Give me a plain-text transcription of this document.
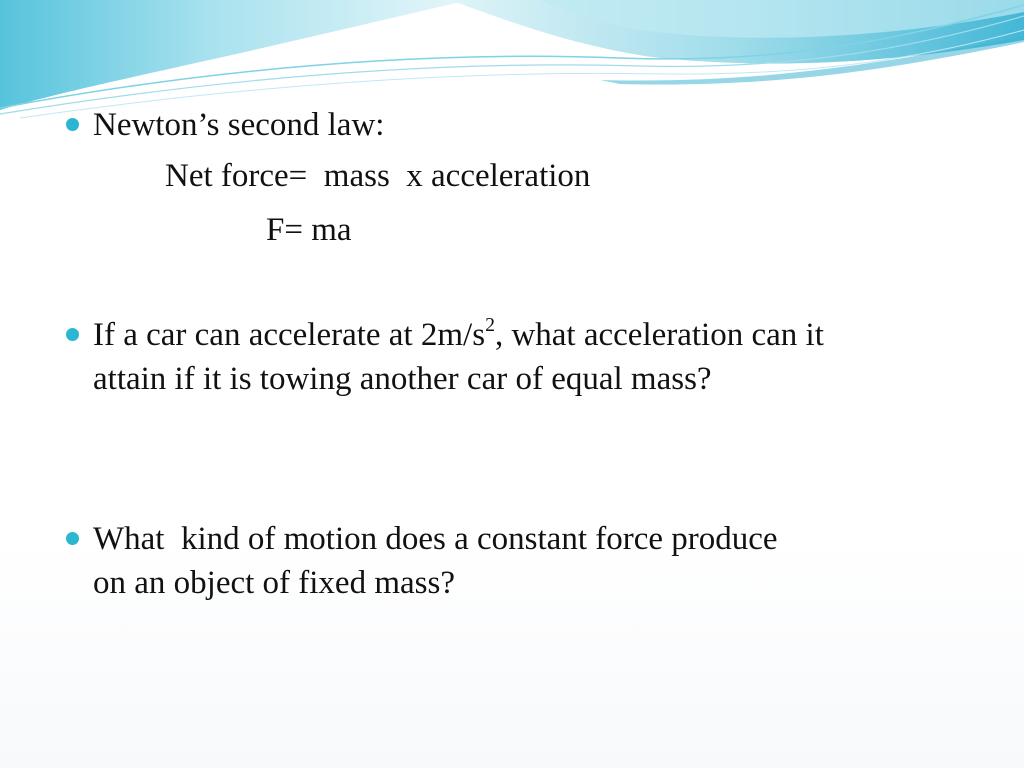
Newton’s second law:
Net force=  mass  x acceleration
F= ma
If a car can accelerate at $2m/s^2$, what acceleration can it
attain if it is towing another car of equal mass?
What  kind of motion does a constant force produce
on an object of fixed mass?
